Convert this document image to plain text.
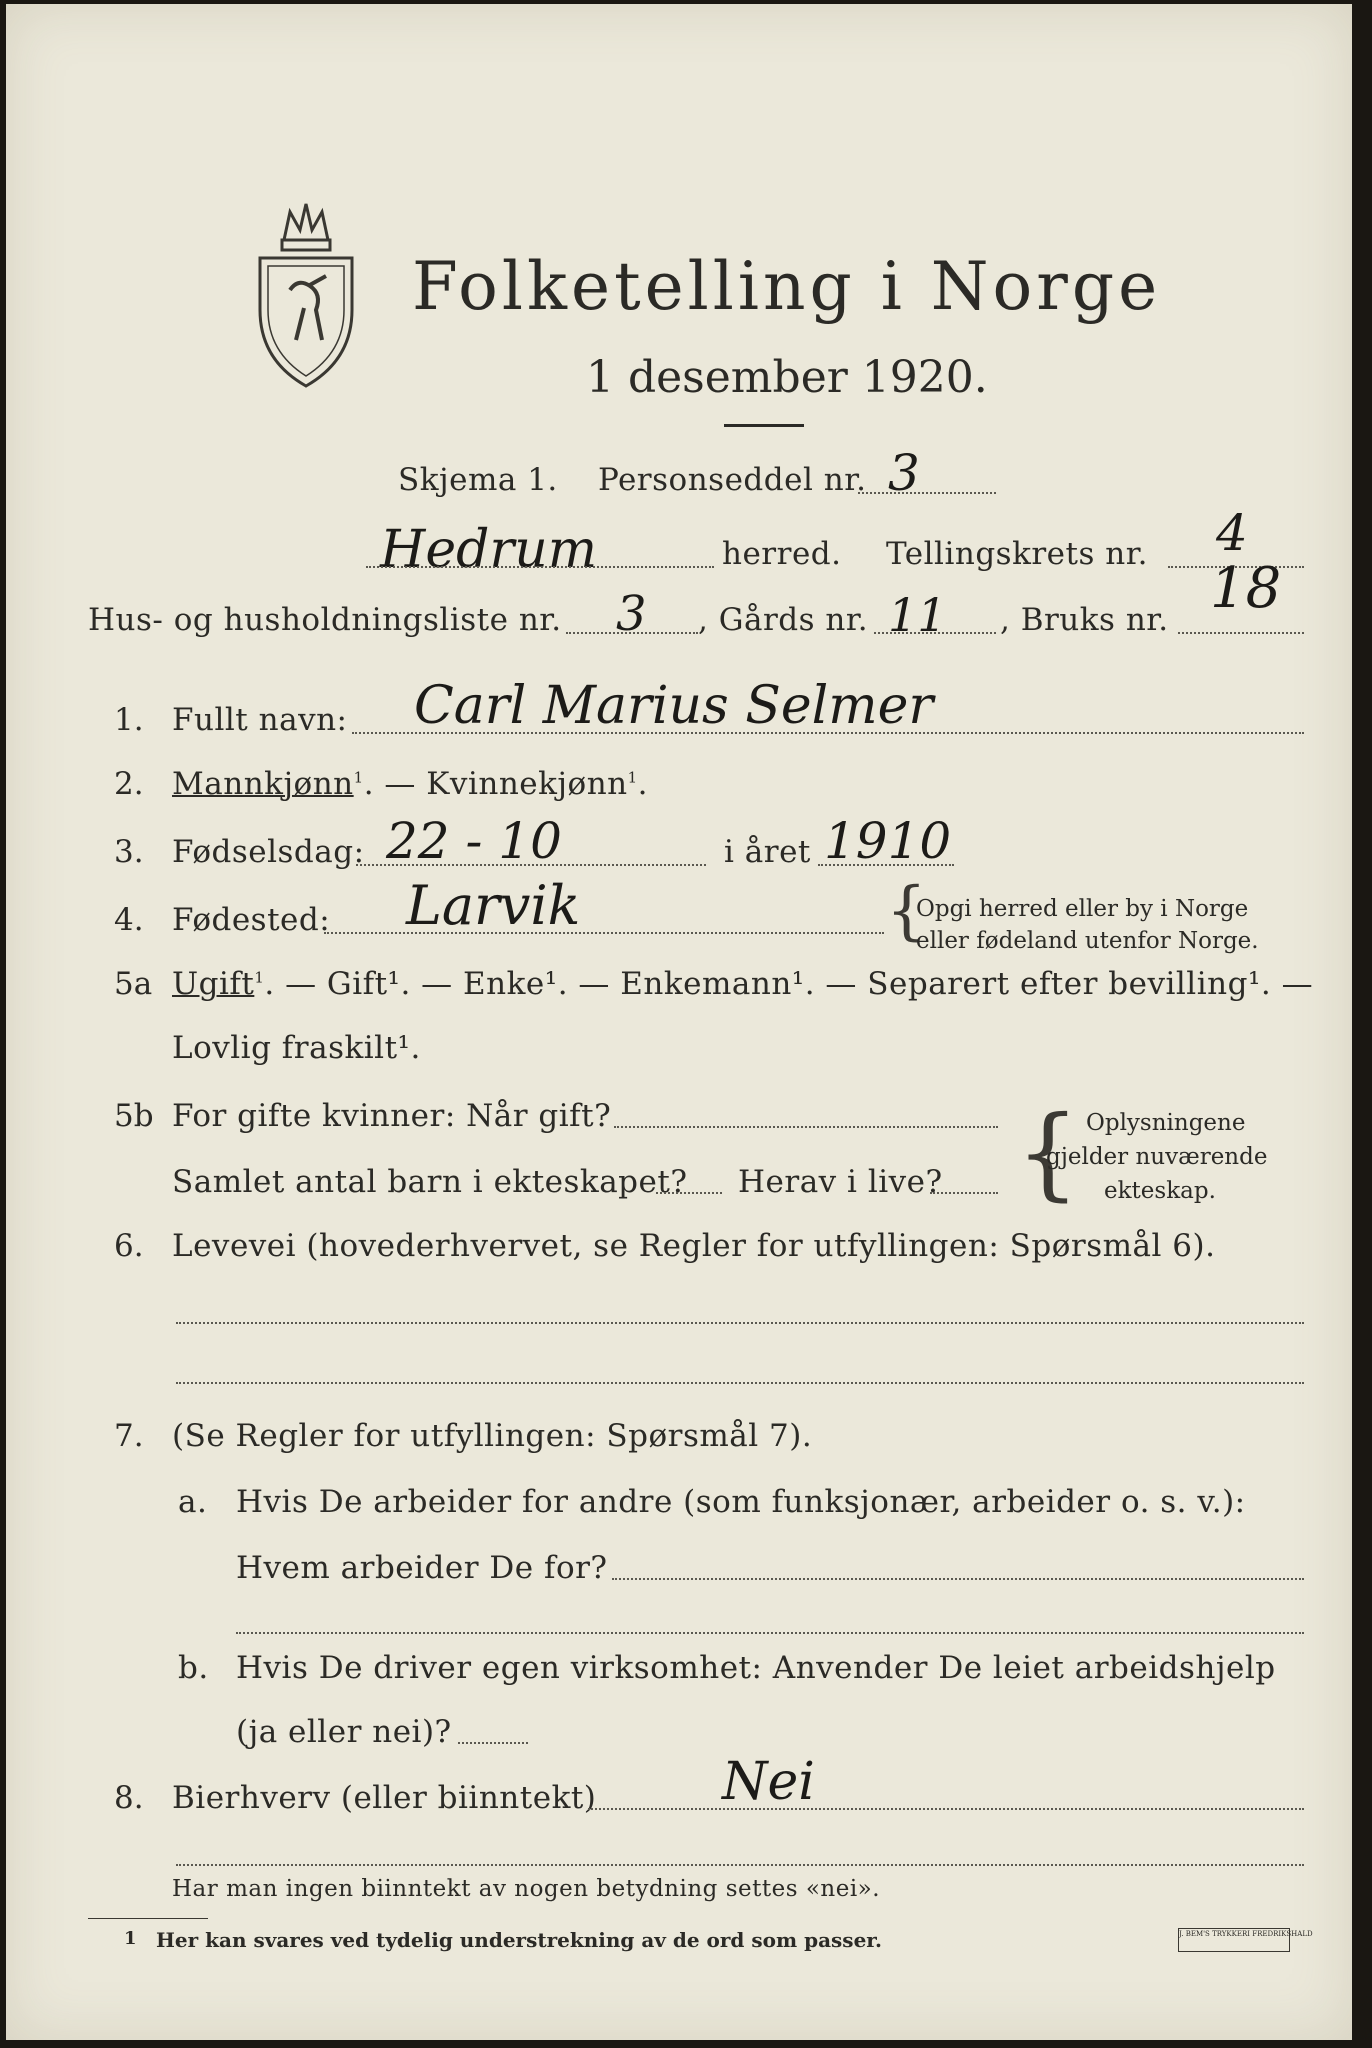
Folketelling i Norge
1 desember 1920.
Skjema 1. Personseddel nr. 3
Hedrum	herred. Tellingskrets nr. 4
Hus- og husholdningsliste nr. 3 , Gårds nr. 11 , Bruks nr. 18
1. Fullt navn: Carl Marius Selmer
2. Mannkjønn$^1$. — Kvinnekjønn$^1$.
3. Fødselsdag: 22 - 10	i året 1910
4. Fødested: Larvik	{
Opgi herred eller by i Norge
eller fødeland utenfor Norge.
5a Ugift$^1$. — Gift¹. — Enke¹. — Enkemann¹. — Separert efter bevilling¹. —
Lovlig fraskilt¹.
5b For gifte kvinner: Når gift?
Samlet antal barn i ekteskapet? Herav i live? { Oplysningene
gjelder nuværende
ekteskap.
6. Levevei (hovederhvervet, se Regler for utfyllingen: Spørsmål 6).
7. (Se Regler for utfyllingen: Spørsmål 7).
a. Hvis De arbeider for andre (som funksjonær, arbeider o. s. v.):
Hvem arbeider De for?
b. Hvis De driver egen virksomhet: Anvender De leiet arbeidshjelp
(ja eller nei)?
8. Bierhverv (eller biinntekt) Nei
Har man ingen biinntekt av nogen betydning settes «nei».
1 Her kan svares ved tydelig understrekning av de ord som passer.	J. BEM'S TRYKKERI FREDRIKSHALD
